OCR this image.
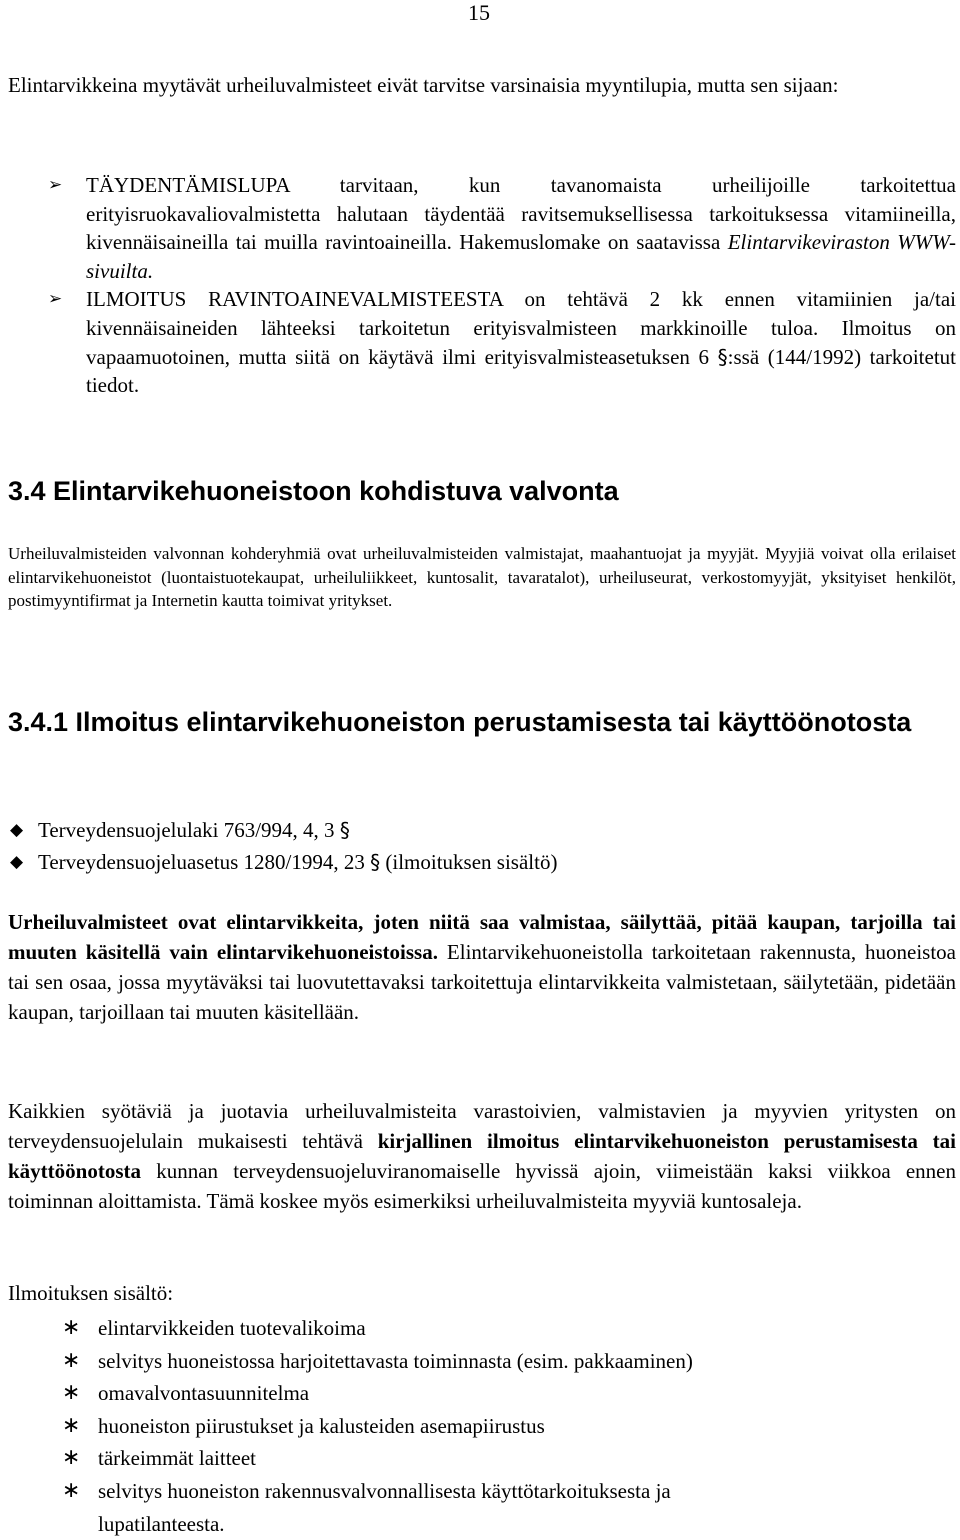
15
Elintarvikkeina myytävät urheiluvalmisteet eivät tarvitse varsinaisia myyntilupia, mutta sen sijaan:
➢ TÄYDENTÄMISLUPA tarvitaan, kun tavanomaista urheilijoille tarkoitettua erityisruokavaliovalmistetta halutaan täydentää ravitsemuksellisessa tarkoituksessa vitamiineilla, kivennäisaineilla tai muilla ravintoaineilla. Hakemuslomake on saatavissa Elintarvikeviraston WWW-sivuilta.
➢ ILMOITUS RAVINTOAINEVALMISTEESTA on tehtävä 2 kk ennen vitamiinien ja/tai kivennäisaineiden lähteeksi tarkoitetun erityisvalmisteen markkinoille tuloa. Ilmoitus on vapaamuotoinen, mutta siitä on käytävä ilmi erityisvalmisteasetuksen 6 §:ssä (144/1992) tarkoitetut tiedot.
3.4 Elintarvikehuoneistoon kohdistuva valvonta
Urheiluvalmisteiden valvonnan kohderyhmiä ovat urheiluvalmisteiden valmistajat, maahantuojat ja myyjät. Myyjiä voivat olla erilaiset elintarvikehuoneistot (luontaistuotekaupat, urheiluliikkeet, kuntosalit, tavaratalot), urheiluseurat, verkostomyyjät, yksityiset henkilöt, postimyyntifirmat ja Internetin kautta toimivat yritykset.
3.4.1 Ilmoitus elintarvikehuoneiston perustamisesta tai käyttöönotosta
◆ Terveydensuojelulaki 763/994, 4, 3 §
◆ Terveydensuojeluasetus 1280/1994, 23 § (ilmoituksen sisältö)
Urheiluvalmisteet ovat elintarvikkeita, joten niitä saa valmistaa, säilyttää, pitää kaupan, tarjoilla tai muuten käsitellä vain elintarvikehuoneistoissa. Elintarvikehuoneistolla tarkoitetaan rakennusta, huoneistoa tai sen osaa, jossa myytäväksi tai luovutettavaksi tarkoitettuja elintarvikkeita valmistetaan, säilytetään, pidetään kaupan, tarjoillaan tai muuten käsitellään.
Kaikkien syötäviä ja juotavia urheiluvalmisteita varastoivien, valmistavien ja myyvien yritysten on terveydensuojelulain mukaisesti tehtävä kirjallinen ilmoitus elintarvikehuoneiston perustamisesta tai käyttöönotosta kunnan terveydensuojeluviranomaiselle hyvissä ajoin, viimeistään kaksi viikkoa ennen toiminnan aloittamista. Tämä koskee myös esimerkiksi urheiluvalmisteita myyviä kuntosaleja.
Ilmoituksen sisältö:
∗ elintarvikkeiden tuotevalikoima
∗ selvitys huoneistossa harjoitettavasta toiminnasta (esim. pakkaaminen)
∗ omavalvontasuunnitelma
∗ huoneiston piirustukset ja kalusteiden asemapiirustus
∗ tärkeimmät laitteet
∗ selvitys huoneiston rakennusvalvonnallisesta käyttötarkoituksesta ja lupatilanteesta.
